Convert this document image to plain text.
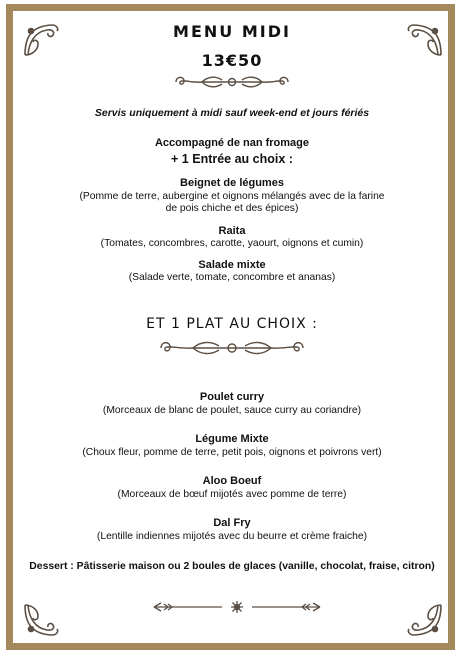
MENU MIDI
13€50
Servis uniquement à midi sauf week-end et jours fériés
Accompagné de nan fromage
+ 1 Entrée au choix :
Beignet de légumes
(Pomme de terre, aubergine et oignons mélangés avec de la farine
de pois chiche et des épices)
Raita
(Tomates, concombres, carotte, yaourt, oignons et cumin)
Salade mixte
(Salade verte, tomate, concombre et ananas)
ET 1 PLAT AU CHOIX :
Poulet curry
(Morceaux de blanc de poulet, sauce curry au coriandre)
Légume Mixte
(Choux fleur, pomme de terre, petit pois, oignons et poivrons vert)
Aloo Boeuf
(Morceaux de bœuf mijotés avec pomme de terre)
Dal Fry
(Lentille indiennes mijotés avec du beurre et crème fraiche)
Dessert : Pâtisserie maison ou 2 boules de glaces (vanille, chocolat, fraise, citron)
